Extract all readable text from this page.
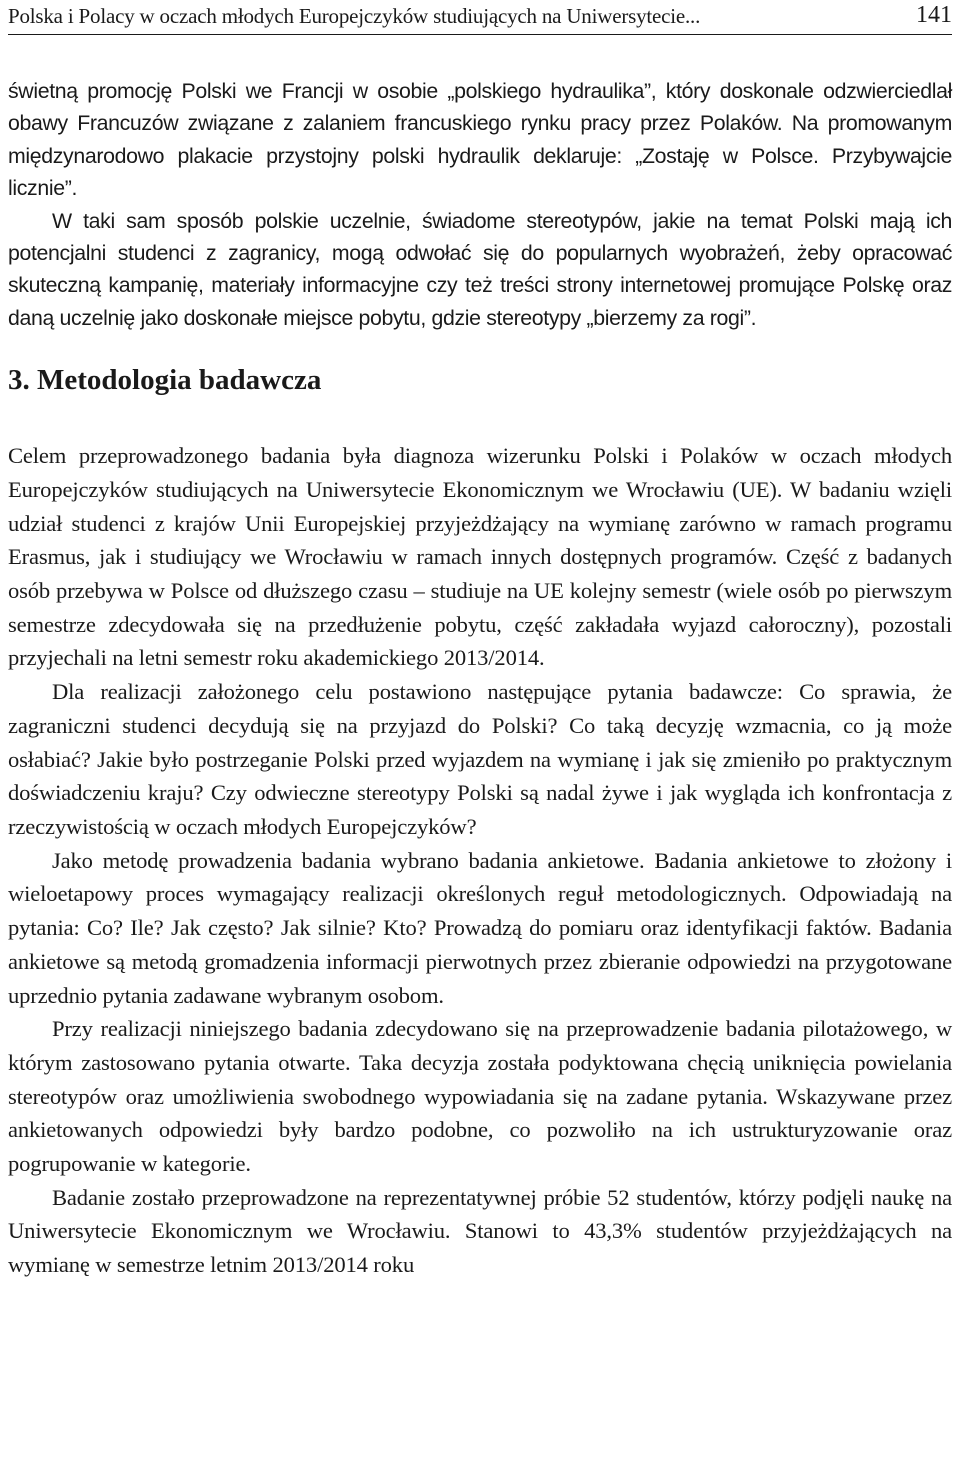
Polska i Polacy w oczach młodych Europejczyków studiujących na Uniwersytecie...	141

świetną promocję Polski we Francji w osobie „polskiego hydraulika”, który doskonale odzwierciedlał obawy Francuzów związane z zalaniem francuskiego rynku pracy przez Polaków. Na promowanym międzynarodowo plakacie przystojny polski hydraulik deklaruje: „Zostaję w Polsce. Przybywajcie licznie”.

W taki sam sposób polskie uczelnie, świadome stereotypów, jakie na temat Polski mają ich potencjalni studenci z zagranicy, mogą odwołać się do popularnych wyobrażeń, żeby opracować skuteczną kampanię, materiały informacyjne czy też treści strony internetowej promujące Polskę oraz daną uczelnię jako doskonałe miejsce pobytu, gdzie stereotypy „bierzemy za rogi”.

3. Metodologia badawcza

Celem przeprowadzonego badania była diagnoza wizerunku Polski i Polaków w oczach młodych Europejczyków studiujących na Uniwersytecie Ekonomicznym we Wrocławiu (UE). W badaniu wzięli udział studenci z krajów Unii Europejskiej przyjeżdżający na wymianę zarówno w ramach programu Erasmus, jak i studiujący we Wrocławiu w ramach innych dostępnych programów. Część z badanych osób przebywa w Polsce od dłuższego czasu – studiuje na UE kolejny semestr (wiele osób po pierwszym semestrze zdecydowała się na przedłużenie pobytu, część zakładała wyjazd całoroczny), pozostali przyjechali na letni semestr roku akademickiego 2013/2014.

Dla realizacji założonego celu postawiono następujące pytania badawcze: Co sprawia, że zagraniczni studenci decydują się na przyjazd do Polski? Co taką decyzję wzmacnia, co ją może osłabiać? Jakie było postrzeganie Polski przed wyjazdem na wymianę i jak się zmieniło po praktycznym doświadczeniu kraju? Czy odwieczne stereotypy Polski są nadal żywe i jak wygląda ich konfrontacja z rzeczywistością w oczach młodych Europejczyków?

Jako metodę prowadzenia badania wybrano badania ankietowe. Badania ankietowe to złożony i wieloetapowy proces wymagający realizacji określonych reguł metodologicznych. Odpowiadają na pytania: Co? Ile? Jak często? Jak silnie? Kto? Prowadzą do pomiaru oraz identyfikacji faktów. Badania ankietowe są metodą gromadzenia informacji pierwotnych przez zbieranie odpowiedzi na przygotowane uprzednio pytania zadawane wybranym osobom.

Przy realizacji niniejszego badania zdecydowano się na przeprowadzenie badania pilotażowego, w którym zastosowano pytania otwarte. Taka decyzja została podyktowana chęcią uniknięcia powielania stereotypów oraz umożliwienia swobodnego wypowiadania się na zadane pytania. Wskazywane przez ankietowanych odpowiedzi były bardzo podobne, co pozwoliło na ich ustrukturyzowanie oraz pogrupowanie w kategorie.

Badanie zostało przeprowadzone na reprezentatywnej próbie 52 studentów, którzy podjęli naukę na Uniwersytecie Ekonomicznym we Wrocławiu. Stanowi to 43,3% studentów przyjeżdżających na wymianę w semestrze letnim 2013/2014 roku
